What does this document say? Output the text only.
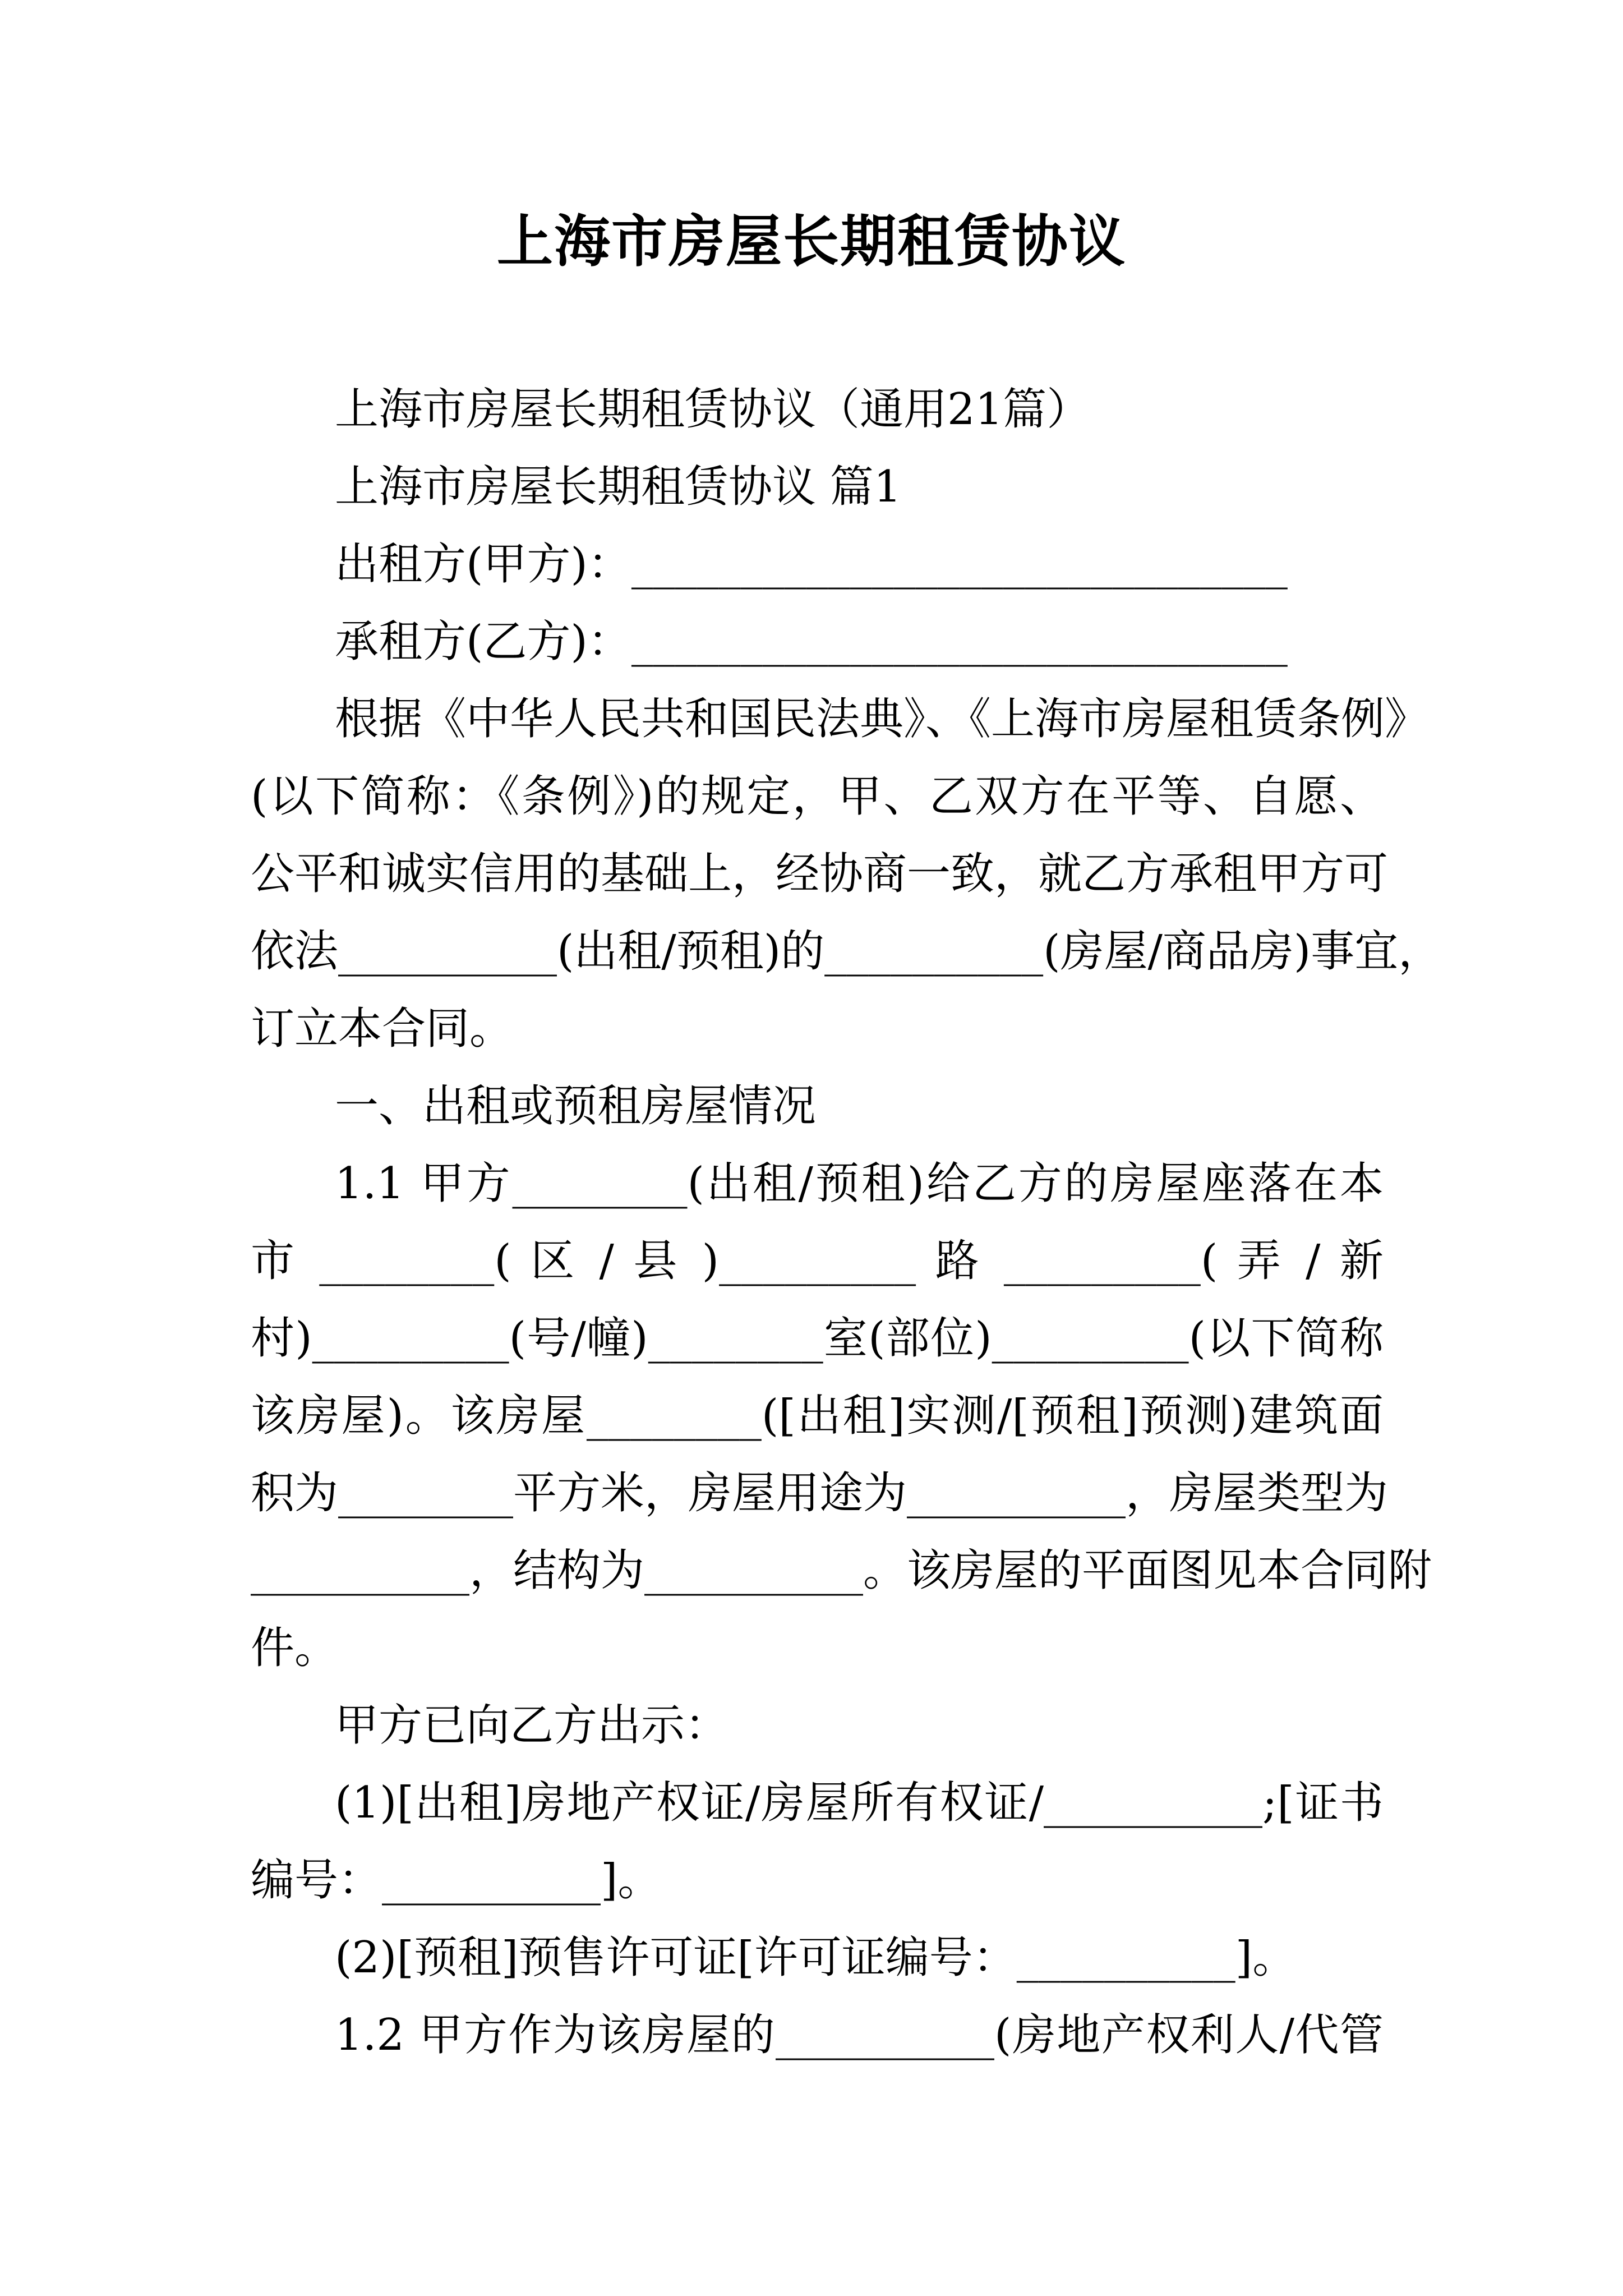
上海市房屋长期租赁协议
上海市房屋长期租赁协议（通用21篇）
上海市房屋长期租赁协议 篇1
出租方(甲方)：______________________________
承租方(乙方)：______________________________
根据《中华人民共和国民法典》、《上海市房屋租赁条例》
(以下简称：《条例》)的规定，甲、乙双方在平等、自愿、
公平和诚实信用的基础上，经协商一致，就乙方承租甲方可
依法__________(出租/预租)的__________(房屋/商品房)事宜，
订立本合同。
一、出租或预租房屋情况
1.1 甲方________(出租/预租)给乙方的房屋座落在本
市 ________( 区 / 县 )_________ 路 _________( 弄 / 新
村)_________(号/幢)________室(部位)_________(以下简称
该房屋)。该房屋________([出租]实测/[预租]预测)建筑面
积为________平方米，房屋用途为__________，房屋类型为
__________，结构为__________。该房屋的平面图见本合同附
件。
甲方已向乙方出示：
(1)[出租]房地产权证/房屋所有权证/__________;[证书
编号：__________]。
(2)[预租]预售许可证[许可证编号：__________]。
1.2 甲方作为该房屋的__________(房地产权利人/代管
